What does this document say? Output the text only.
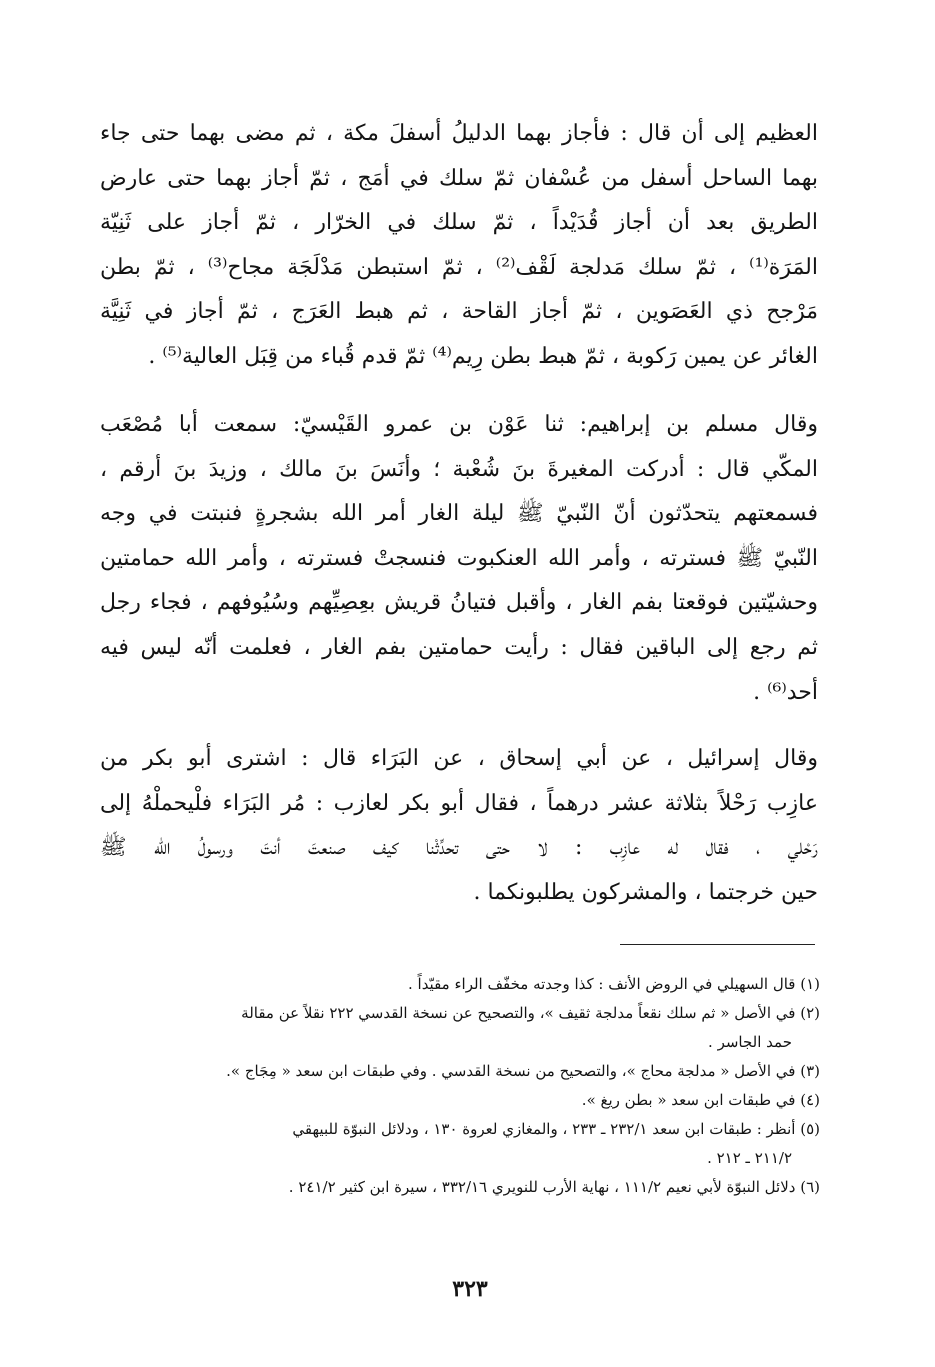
العظيم إلى أن قال : فأجاز بهما الدليلُ أسفلَ مكة ، ثم مضى بهما حتى جاء
بهما الساحل أسفل من عُسْفان ثمّ سلك في أمَج ، ثمّ أجاز بهما حتى عارض
الطريق بعد أن أجاز قُدَيْداً ، ثمّ سلك في الخرّار ، ثمّ أجاز على ثَنِيّة
المَرَة⁽¹⁾ ، ثمّ سلك مَدلجة لَقْف⁽²⁾ ، ثمّ استبطن مَدْلَجَة مجاح⁽³⁾ ، ثمّ بطن
مَرْجح ذي العَصَوين ، ثمّ أجاز القاحة ، ثم هبط العَرَج ، ثمّ أجاز في ثَنِيَّة
الغائر عن يمين رَكوبة ، ثمّ هبط بطن رِيم⁽⁴⁾ ثمّ قدم قُباء من قِبَل العالية⁽⁵⁾ .
وقال مسلم بن إبراهيم: ثنا عَوْن بن عمرو القَيْسيّ: سمعت أبا مُصْعَب
المكّي قال : أدركت المغيرةَ بنَ شُعْبة ؛ وأنَسَ بنَ مالك ، وزيدَ بنَ أرقم ،
فسمعتهم يتحدّثون أنّ النّبيّ ﷺ ليلة الغار أمر الله بشجرةٍ فنبتت في وجه
النّبيّ ﷺ فسترته ، وأمر الله العنكبوت فنسجتْ فسترته ، وأمر الله حمامتين
وحشيّتين فوقعتا بفم الغار ، وأقبل فتيانُ قريش بعِصِيِّهم وسُيُوفهم ، فجاء رجل
ثم رجع إلى الباقين فقال : رأيت حمامتين بفم الغار ، فعلمت أنّه ليس فيه
أحد⁽⁶⁾ .
وقال إسرائيل ، عن أبي إسحاق ، عن البَرَاء قال : اشترى أبو بكر من
عازِب رَحْلاً بثلاثة عشر درهماً ، فقال أبو بكر لعازب : مُر البَرَاء فلْيحملْهُ إلى
رَحْلي ، فقال له عازِب : لا حتى تحدِّثْنا كيف صنعتَ أنتَ ورسولُ الله ﷺ
حين خرجتما ، والمشركون يطلبونكما .
(١) قال السهيلي في الروض الأنف : كذا وجدته مخفّف الراء مقيّداً .
(٢) في الأصل « ثم سلك نقعاً مدلجة ثقيف »، والتصحيح عن نسخة القدسي ٢٢٢ نقلاً عن مقالة
حمد الجاسر .
(٣) في الأصل « مدلجة محاج »، والتصحيح من نسخة القدسي . وفي طبقات ابن سعد « مِجَاج ».
(٤) في طبقات ابن سعد « بطن ريغ ».
(٥) أنظر : طبقات ابن سعد ٢٣٢/١ ـ ٢٣٣ ، والمغازي لعروة ١٣٠ ، ودلائل النبوّة للبيهقي
٢١١/٢ ـ ٢١٢ .
(٦) دلائل النبوّة لأبي نعيم ١١١/٢ ، نهاية الأرب للنويري ٣٣٢/١٦ ، سيرة ابن كثير ٢٤١/٢ .
٣٢٣
